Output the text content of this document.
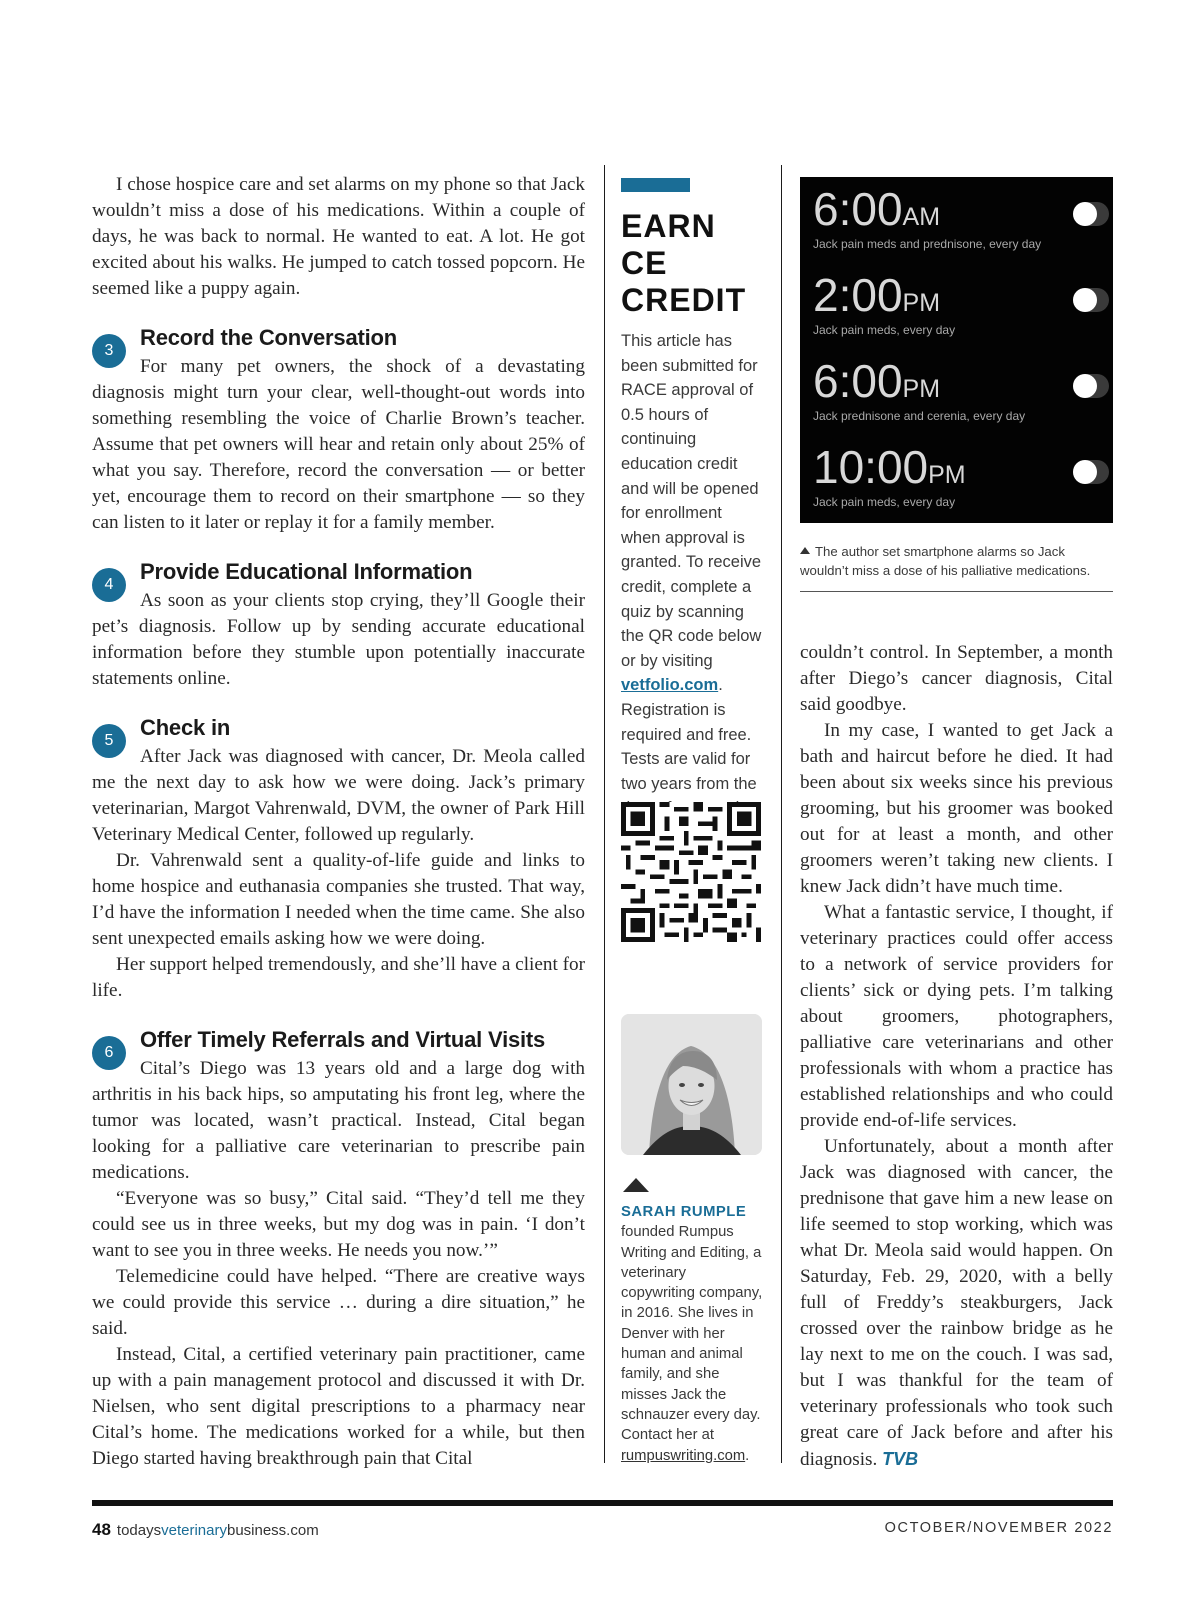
I chose hospice care and set alarms on my phone so that Jack wouldn’t miss a dose of his medications. Within a couple of days, he was back to normal. He wanted to eat. A lot. He got excited about his walks. He jumped to catch tossed popcorn. He seemed like a puppy again.

3
Record the Conversation

For many pet owners, the shock of a devastating diagnosis might turn your clear, well-thought-out words into something resembling the voice of Charlie Brown’s teacher. Assume that pet owners will hear and retain only about 25% of what you say. Therefore, record the conversation — or better yet, encourage them to record on their smartphone — so they can listen to it later or replay it for a family member.

4
Provide Educational Information

As soon as your clients stop crying, they’ll Google their pet’s diagnosis. Follow up by sending accurate educational information before they stumble upon potentially inaccurate statements online.

5
Check in

After Jack was diagnosed with cancer, Dr. Meola called me the next day to ask how we were doing. Jack’s primary veterinarian, Margot Vahrenwald, DVM, the owner of Park Hill Veterinary Medical Center, followed up regularly.

Dr. Vahrenwald sent a quality-of-life guide and links to home hospice and euthanasia companies she trusted. That way, I’d have the information I needed when the time came. She also sent unexpected emails asking how we were doing.

Her support helped tremendously, and she’ll have a client for life.

6
Offer Timely Referrals and Virtual Visits

Cital’s Diego was 13 years old and a large dog with arthritis in his back hips, so amputating his front leg, where the tumor was located, wasn’t practical. Instead, Cital began looking for a palliative care veterinarian to prescribe pain medications.

“Everyone was so busy,” Cital said. “They’d tell me they could see us in three weeks, but my dog was in pain. ‘I don’t want to see you in three weeks. He needs you now.’”

Telemedicine could have helped. “There are creative ways we could provide this service … during a dire situation,” he said.

Instead, Cital, a certified veterinary pain practitioner, came up with a pain management protocol and discussed it with Dr. Nielsen, who sent digital prescriptions to a pharmacy near Cital’s home. The medications worked for a while, but then Diego started having breakthrough pain that Cital

EARN CE CREDIT
This article has been submitted for RACE approval of 0.5 hours of continuing education credit and will be opened for enrollment when approval is granted. To receive credit, complete a quiz by scanning the QR code below or by visiting vetfolio.com. Registration is required and free. Tests are valid for two years from the
SARAH RUMPLE
founded Rumpus Writing and Editing, a veterinary copywriting company, in 2016. She lives in Denver with her human and animal family, and she misses Jack the schnauzer every day. Contact her at rumpuswriting.com.
6:00AM
Jack pain meds and prednisone, every day
2:00PM
Jack pain meds, every day
6:00PM
Jack prednisone and cerenia, every day
10:00PM
Jack pain meds, every day
The author set smartphone alarms so Jack wouldn’t miss a dose of his palliative medications.

couldn’t control. In September, a month after Diego’s cancer diagnosis, Cital said goodbye.

In my case, I wanted to get Jack a bath and haircut before he died. It had been about six weeks since his previous grooming, but his groomer was booked out for at least a month, and other groomers weren’t taking new clients. I knew Jack didn’t have much time.

What a fantastic service, I thought, if veterinary practices could offer access to a network of service providers for clients’ sick or dying pets. I’m talking about groomers, photographers, palliative care veterinarians and other professionals with whom a practice has established relationships and who could provide end-of-life services.

Unfortunately, about a month after Jack was diagnosed with cancer, the prednisone that gave him a new lease on life seemed to stop working, which was what Dr. Meola said would happen. On Saturday, Feb. 29, 2020, with a belly full of Freddy’s steakburgers, Jack crossed over the rainbow bridge as he lay next to me on the couch. I was sad, but I was thankful for the team of veterinary professionals who took such great care of Jack before and after his diagnosis. TVB

48 todaysveterinarybusiness.com	OCTOBER/NOVEMBER 2022
